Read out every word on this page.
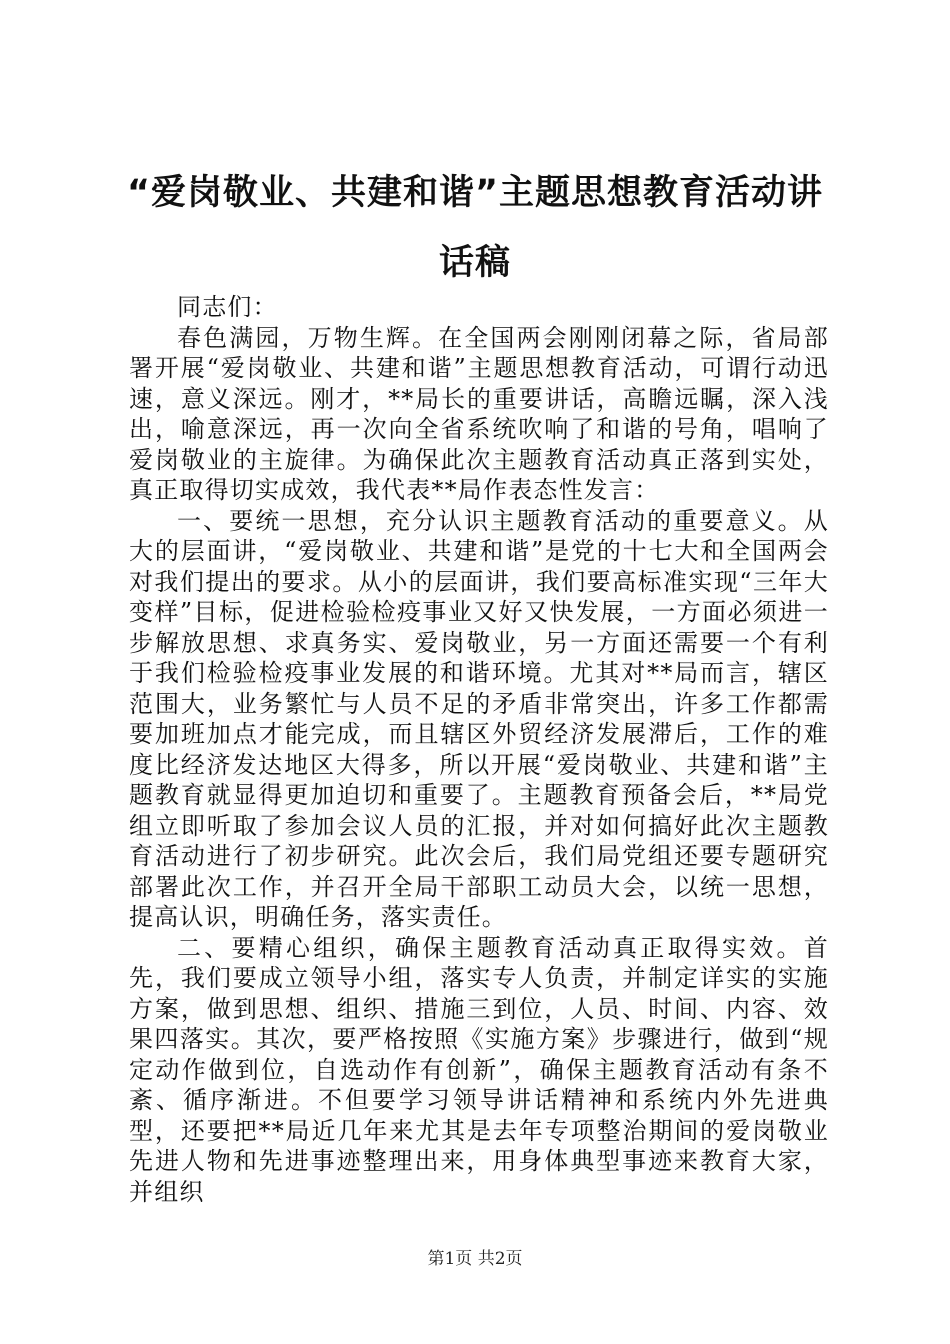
“爱岗敬业、共建和谐”主题思想教育活动讲话稿

同志们：

春色满园，万物生辉。在全国两会刚刚闭幕之际，省局部署开展“爱岗敬业、共建和谐”主题思想教育活动，可谓行动迅速，意义深远。刚才，**局长的重要讲话，高瞻远瞩，深入浅出，喻意深远，再一次向全省系统吹响了和谐的号角，唱响了爱岗敬业的主旋律。为确保此次主题教育活动真正落到实处，真正取得切实成效，我代表**局作表态性发言：

一、要统一思想，充分认识主题教育活动的重要意义。从大的层面讲，“爱岗敬业、共建和谐”是党的十七大和全国两会对我们提出的要求。从小的层面讲，我们要高标准实现“三年大变样”目标，促进检验检疫事业又好又快发展，一方面必须进一步解放思想、求真务实、爱岗敬业，另一方面还需要一个有利于我们检验检疫事业发展的和谐环境。尤其对**局而言，辖区范围大，业务繁忙与人员不足的矛盾非常突出，许多工作都需要加班加点才能完成，而且辖区外贸经济发展滞后，工作的难度比经济发达地区大得多，所以开展“爱岗敬业、共建和谐”主题教育就显得更加迫切和重要了。主题教育预备会后，**局党组立即听取了参加会议人员的汇报，并对如何搞好此次主题教育活动进行了初步研究。此次会后，我们局党组还要专题研究部署此次工作，并召开全局干部职工动员大会，以统一思想，提高认识，明确任务，落实责任。

二、要精心组织，确保主题教育活动真正取得实效。首先，我们要成立领导小组，落实专人负责，并制定详实的实施方案，做到思想、组织、措施三到位，人员、时间、内容、效果四落实。其次，要严格按照《实施方案》步骤进行，做到“规定动作做到位，自选动作有创新”，确保主题教育活动有条不紊、循序渐进。不但要学习领导讲话精神和系统内外先进典型，还要把**局近几年来尤其是去年专项整治期间的爱岗敬业先进人物和先进事迹整理出来，用身体典型事迹来教育大家，并组织

第1页 共2页
